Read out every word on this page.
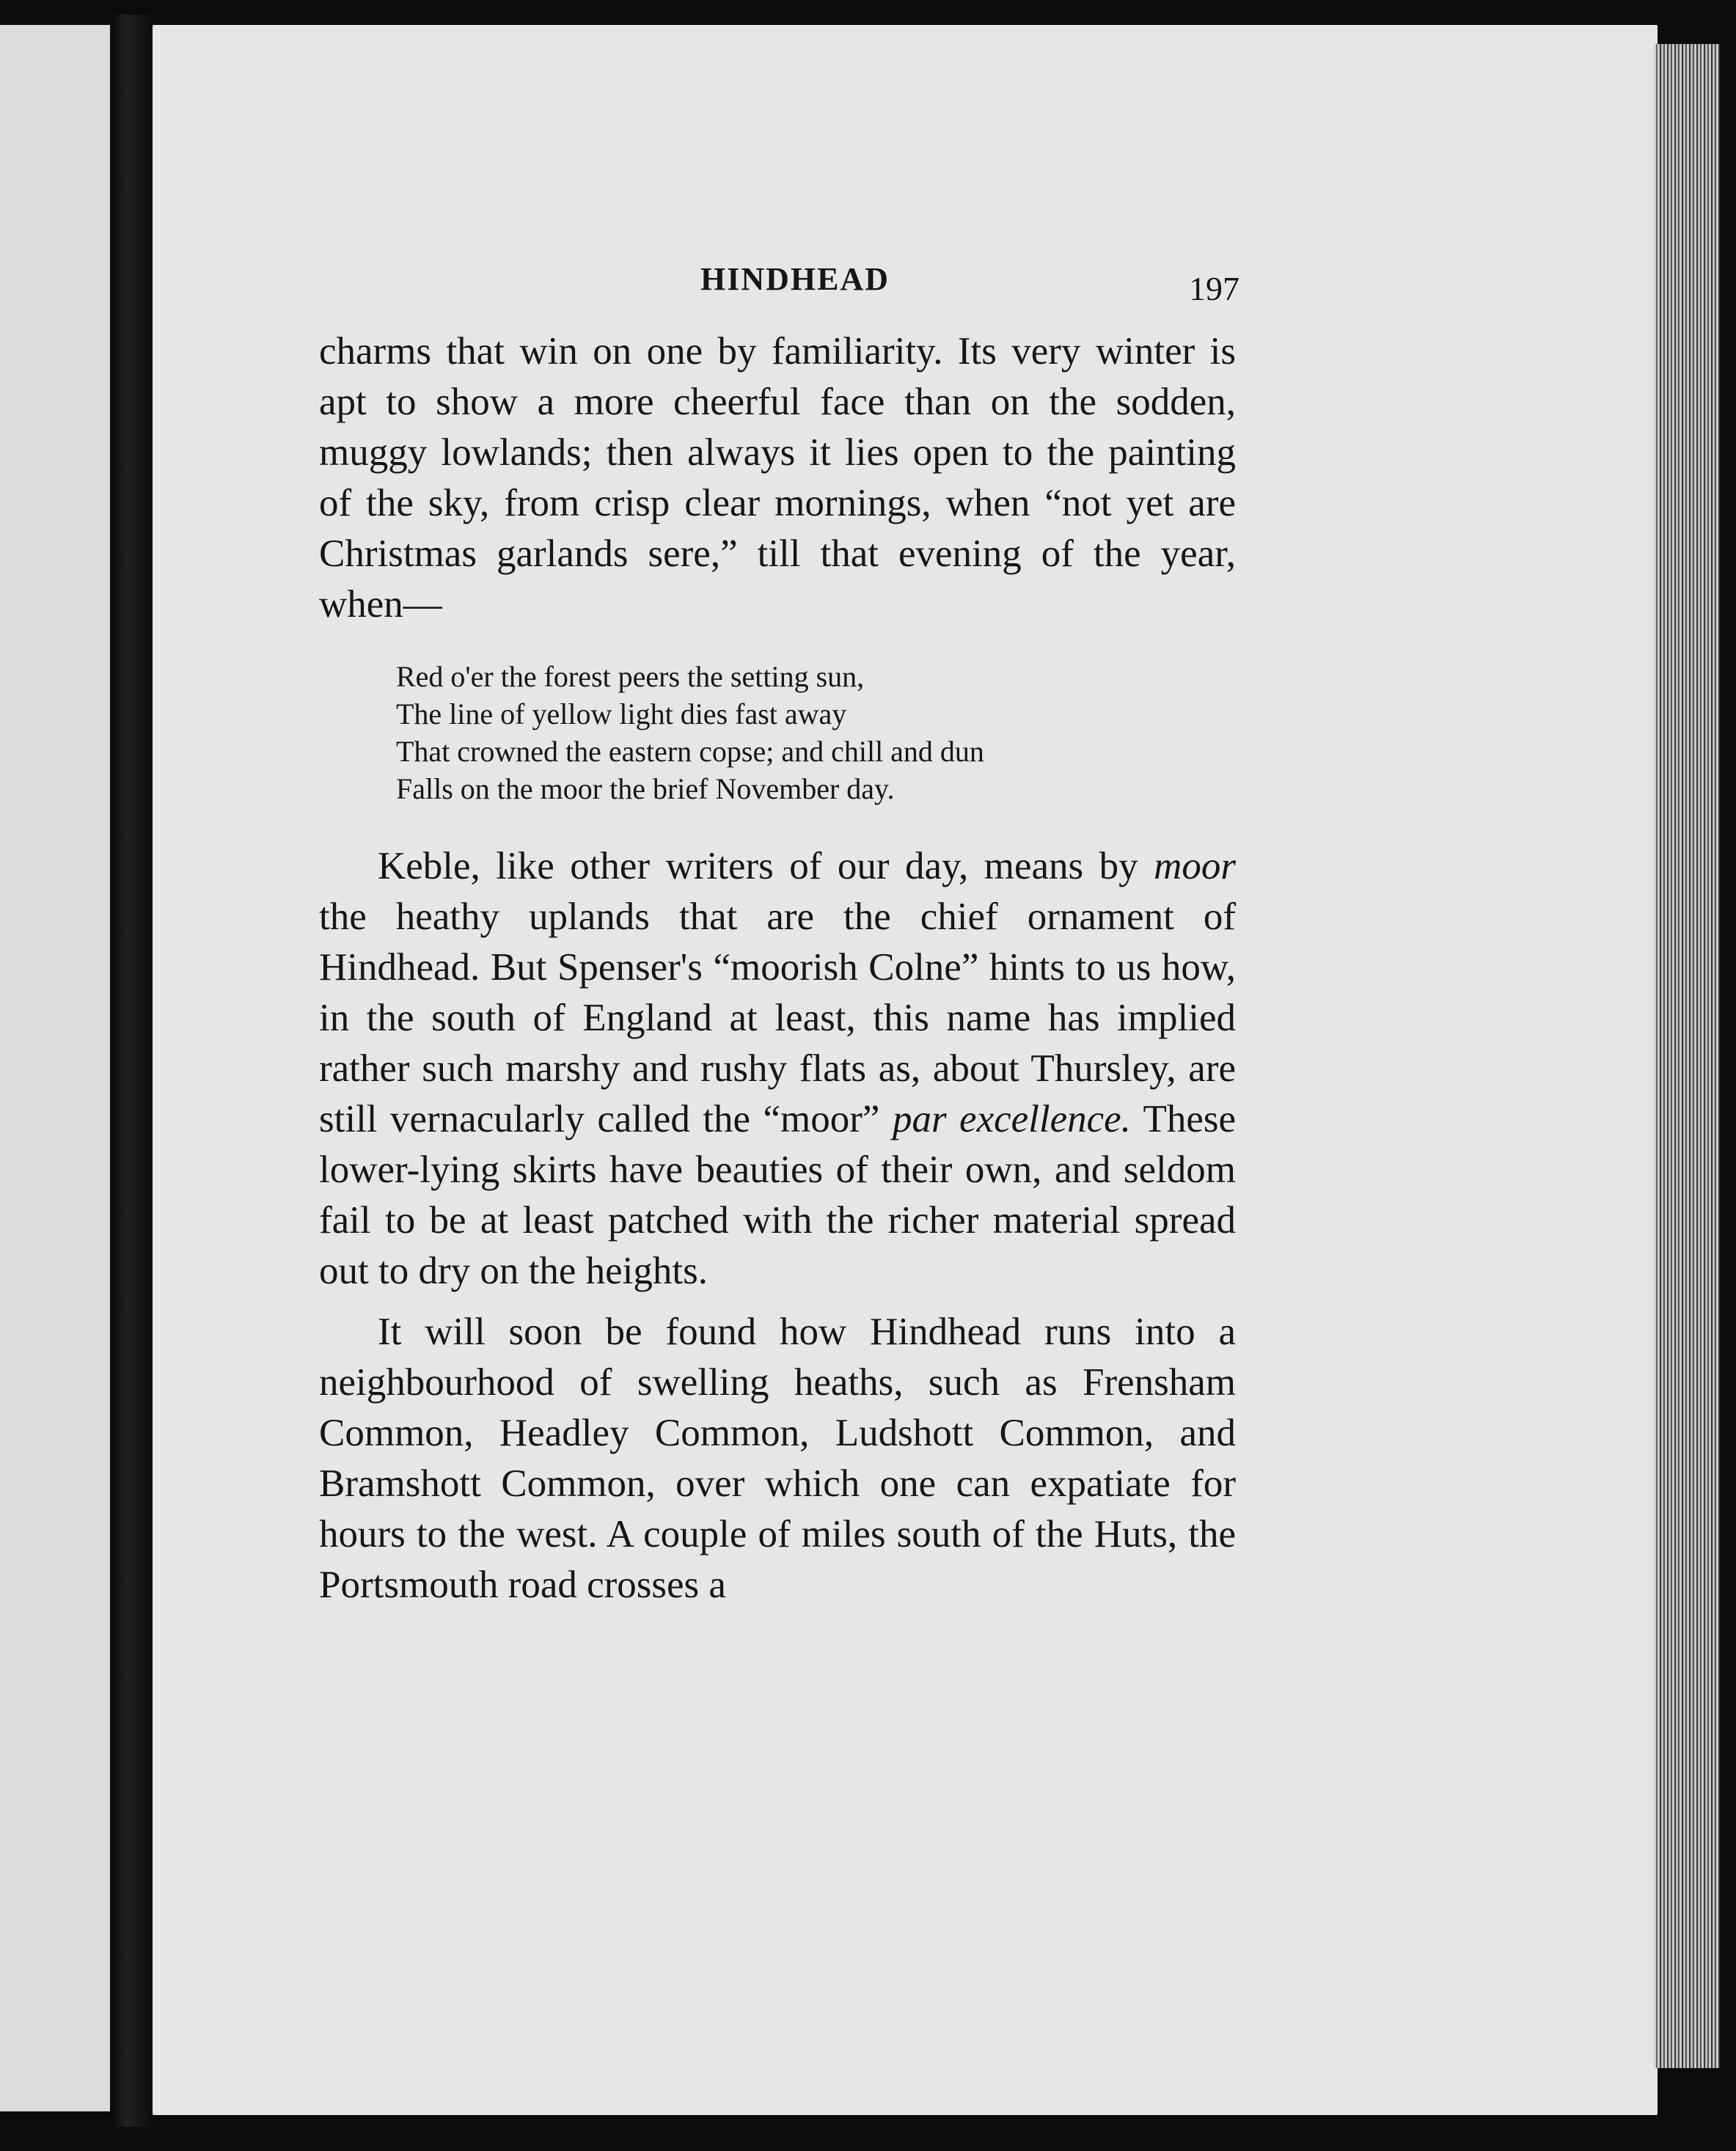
HINDHEAD	197

charms that win on one by familiarity. Its very winter is apt to show a more cheerful face than on the sodden, muggy lowlands; then always it lies open to the painting of the sky, from crisp clear mornings, when “not yet are Christmas garlands sere,” till that evening of the year, when—

Red o'er the forest peers the setting sun,
The line of yellow light dies fast away
That crowned the eastern copse; and chill and dun
Falls on the moor the brief November day.

Keble, like other writers of our day, means by moor the heathy uplands that are the chief ornament of Hindhead. But Spenser's “moorish Colne” hints to us how, in the south of England at least, this name has implied rather such marshy and rushy flats as, about Thursley, are still vernacularly called the “moor” par excellence. These lower-lying skirts have beauties of their own, and seldom fail to be at least patched with the richer material spread out to dry on the heights.

It will soon be found how Hindhead runs into a neighbourhood of swelling heaths, such as Frensham Common, Headley Common, Ludshott Common, and Bramshott Common, over which one can expatiate for hours to the west. A couple of miles south of the Huts, the Portsmouth road crosses a
